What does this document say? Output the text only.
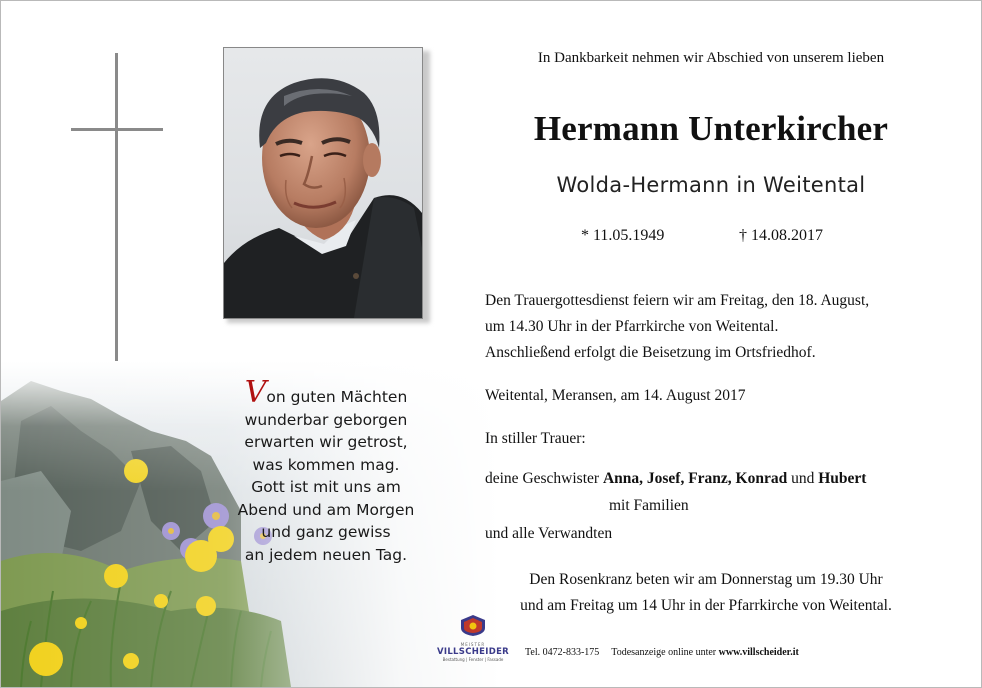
Von guten Mächten
wunderbar geborgen
erwarten wir getrost,
was kommen mag.
Gott ist mit uns am
Abend und am Morgen
und ganz gewiss
an jedem neuen Tag.
In Dankbarkeit nehmen wir Abschied von unserem lieben
Hermann Unterkircher
Wolda-Hermann in Weitental
* 11.05.1949	† 14.08.2017
Den Trauergottesdienst feiern wir am Freitag, den 18. August,
um 14.30 Uhr in der Pfarrkirche von Weitental.
Anschließend erfolgt die Beisetzung im Ortsfriedhof.
Weitental, Meransen, am 14. August 2017
In stiller Trauer:
deine Geschwister Anna, Josef, Franz, Konrad und Hubert
mit Familien
und alle Verwandten
Den Rosenkranz beten wir am Donnerstag um 19.30 Uhr
und am Freitag um 14 Uhr in der Pfarrkirche von Weitental.
MEISTER
VILLSCHEIDER
Bestattung | Fenster | Fassade
Tel. 0472-833-175 Todesanzeige online unter www.villscheider.it
